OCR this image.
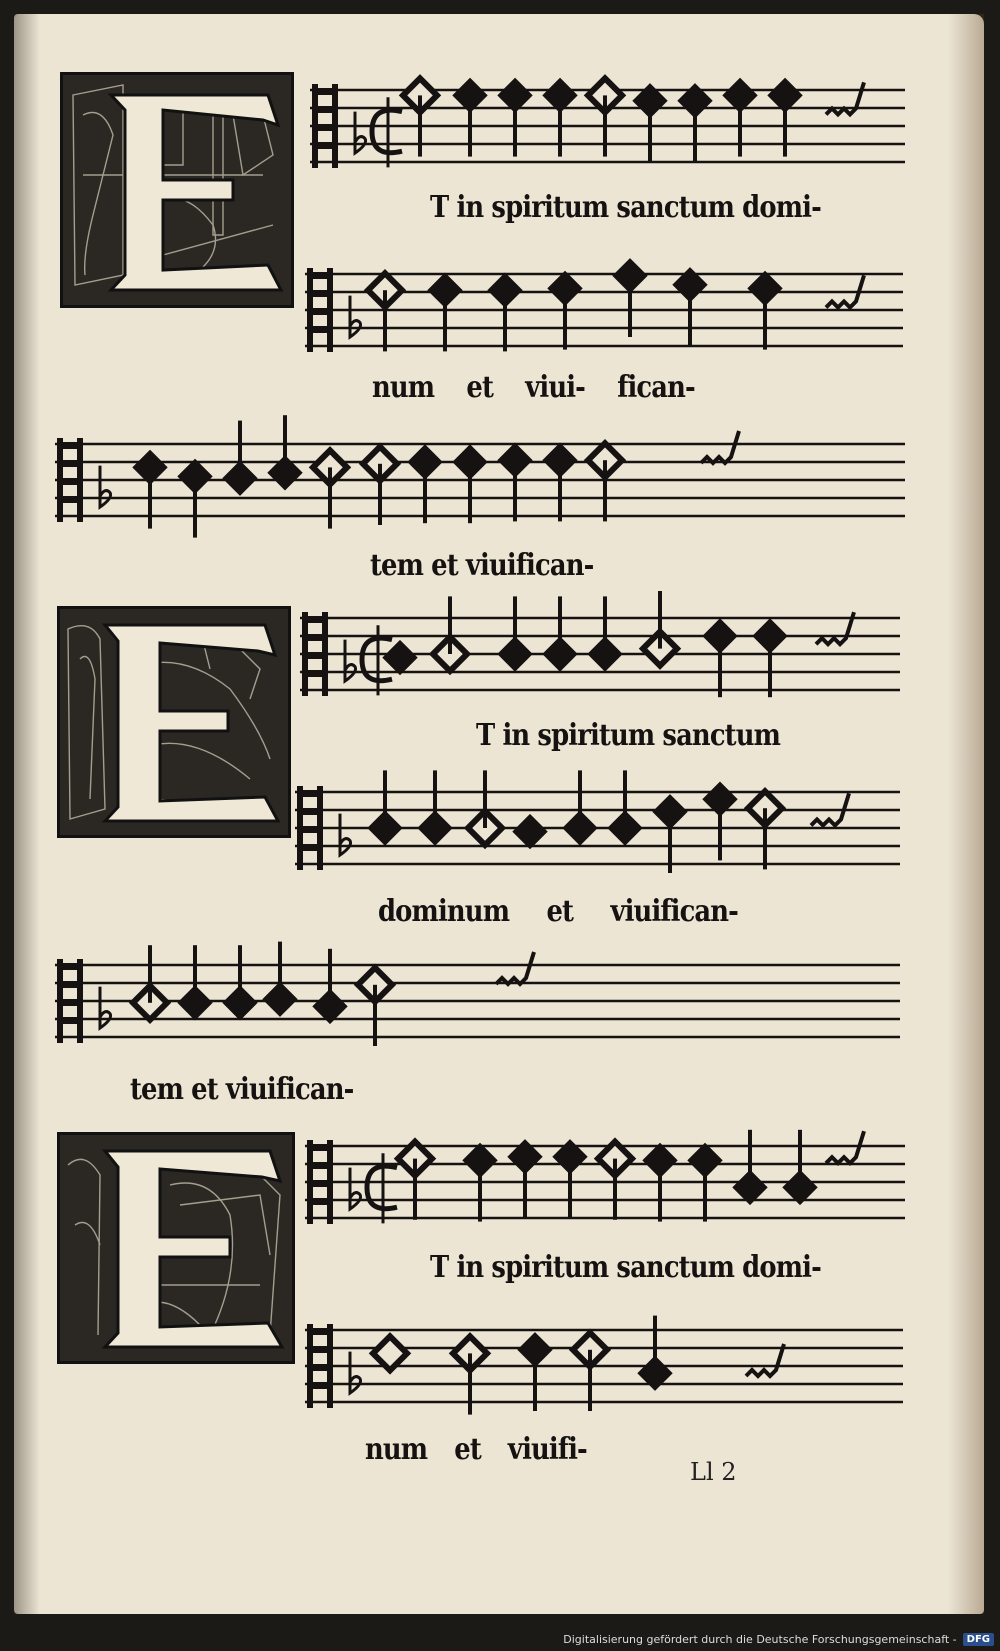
T in spiritum sanctum domi-
num et viui- fican-
tem et viuifican-
T in spiritum sanctum
dominum et viuifican-
tem et viuifican-
T in spiritum sanctum domi-
num et viuifi-
Ll 2
Digitalisierung gefördert durch die Deutsche Forschungsgemeinschaft -	DFG
